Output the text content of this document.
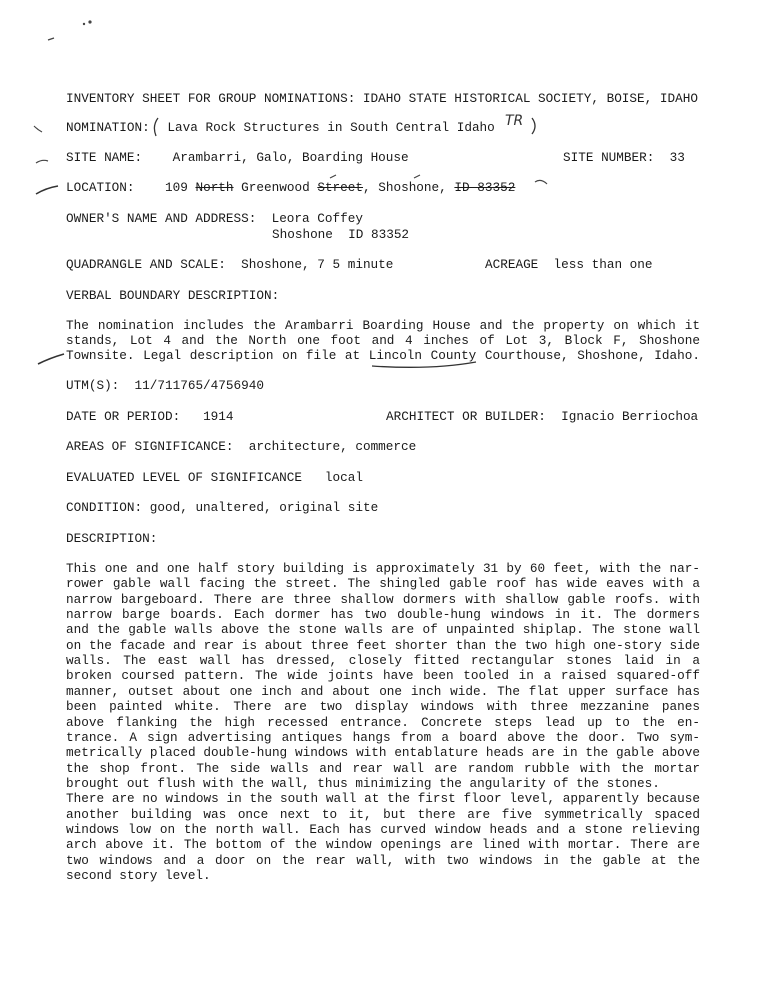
INVENTORY SHEET FOR GROUP NOMINATIONS: IDAHO STATE HISTORICAL SOCIETY, BOISE, IDAHO
NOMINATION: Lava Rock Structures in South Central Idaho TR
SITE NAME: Arambarri, Galo, Boarding House	SITE NUMBER: 33
LOCATION: 109 North Greenwood Street, Shoshone, ID 83352
OWNER'S NAME AND ADDRESS: Leora Coffey
Shoshone  ID 83352
QUADRANGLE AND SCALE: Shoshone, 7 5 minute	ACREAGE less than one
VERBAL BOUNDARY DESCRIPTION:
The nomination includes the Arambarri Boarding House and the property on which it
stands, Lot 4 and the North one foot and 4 inches of Lot 3, Block F, Shoshone
Townsite. Legal description on file at Lincoln County Courthouse, Shoshone, Idaho.
UTM(S): 11/711765/4756940
DATE OR PERIOD: 1914	ARCHITECT OR BUILDER: Ignacio Berriochoa
AREAS OF SIGNIFICANCE: architecture, commerce
EVALUATED LEVEL OF SIGNIFICANCE local
CONDITION: good, unaltered, original site
DESCRIPTION:
This one and one half story building is approximately 31 by 60 feet, with the nar-
rower gable wall facing the street. The shingled gable roof has wide eaves with a
narrow bargeboard. There are three shallow dormers with shallow gable roofs. with
narrow barge boards. Each dormer has two double-hung windows in it. The dormers
and the gable walls above the stone walls are of unpainted shiplap. The stone wall
on the facade and rear is about three feet shorter than the two high one-story side
walls. The east wall has dressed, closely fitted rectangular stones laid in a
broken coursed pattern. The wide joints have been tooled in a raised squared-off
manner, outset about one inch and about one inch wide. The flat upper surface has
been painted white. There are two display windows with three mezzanine panes
above flanking the high recessed entrance. Concrete steps lead up to the en-
trance. A sign advertising antiques hangs from a board above the door. Two sym-
metrically placed double-hung windows with entablature heads are in the gable above
the shop front. The side walls and rear wall are random rubble with the mortar
brought out flush with the wall, thus minimizing the angularity of the stones.
There are no windows in the south wall at the first floor level, apparently because
another building was once next to it, but there are five symmetrically spaced
windows low on the north wall. Each has curved window heads and a stone relieving
arch above it. The bottom of the window openings are lined with mortar. There are
two windows and a door on the rear wall, with two windows in the gable at the
second story level.
